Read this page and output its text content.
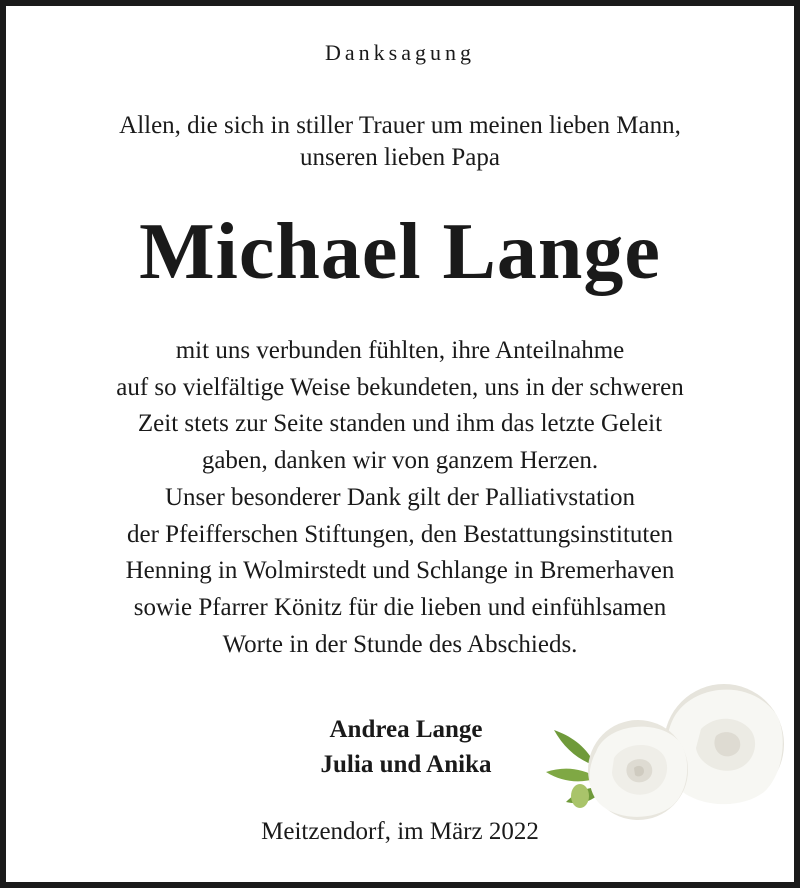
Danksagung
Allen, die sich in stiller Trauer um meinen lieben Mann,
unseren lieben Papa
Michael Lange
mit uns verbunden fühlten, ihre Anteilnahme
auf so vielfältige Weise bekundeten, uns in der schweren
Zeit stets zur Seite standen und ihm das letzte Geleit
gaben, danken wir von ganzem Herzen.
Unser besonderer Dank gilt der Palliativstation
der Pfeifferschen Stiftungen, den Bestattungsinstituten
Henning in Wolmirstedt und Schlange in Bremerhaven
sowie Pfarrer Könitz für die lieben und einfühlsamen
Worte in der Stunde des Abschieds.
Andrea Lange
Julia und Anika
Meitzendorf, im März 2022
